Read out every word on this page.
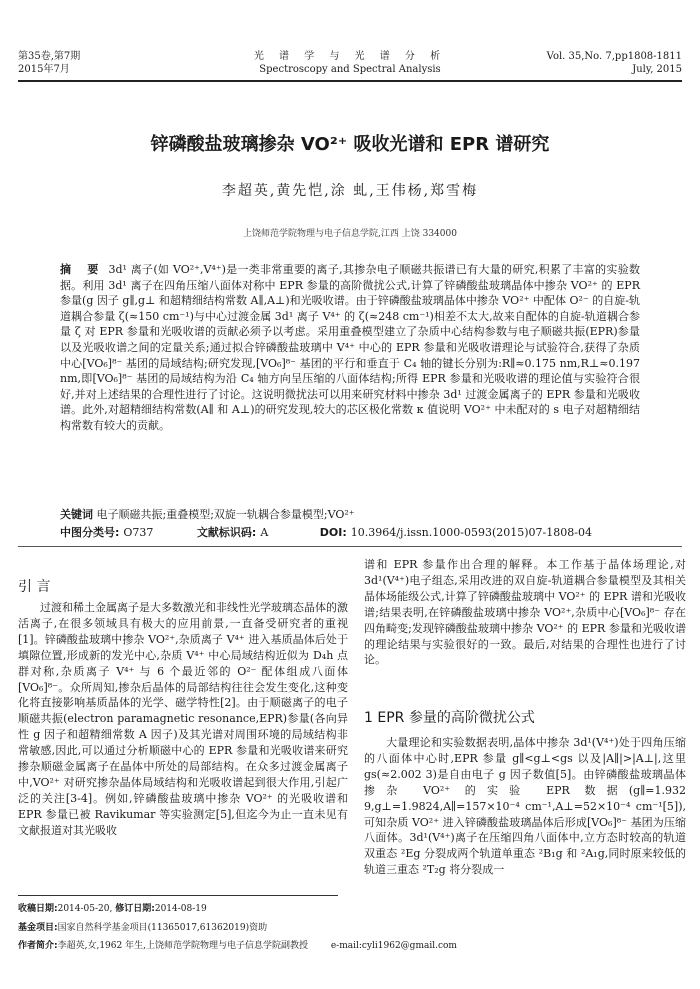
第35卷,第7期
2015年7月
光 谱 学 与 光 谱 分 析
Spectroscopy and Spectral Analysis
Vol. 35,No. 7,pp1808-1811
July, 2015
锌磷酸盐玻璃掺杂 VO²⁺ 吸收光谱和 EPR 谱研究
李超英,黄先恺,涂 虬,王伟杨,郑雪梅
上饶师范学院物理与电子信息学院,江西 上饶 334000
摘 要 3d¹ 离子(如 VO²⁺,V⁴⁺)是一类非常重要的离子,其掺杂电子顺磁共振谱已有大量的研究,积累了丰富的实验数据。利用 3d¹ 离子在四角压缩八面体对称中 EPR 参量的高阶微扰公式,计算了锌磷酸盐玻璃晶体中掺杂 VO²⁺ 的 EPR 参量(g 因子 g∥,g⊥ 和超精细结构常数 A∥,A⊥)和光吸收谱。由于锌磷酸盐玻璃晶体中掺杂 VO²⁺ 中配体 O²⁻ 的自旋-轨道耦合参量 ζ(≈150 cm⁻¹)与中心过渡金属 3d¹ 离子 V⁴⁺ 的 ζ(≈248 cm⁻¹)相差不太大,故来自配体的自旋-轨道耦合参量 ζ 对 EPR 参量和光吸收谱的贡献必须予以考虑。采用重叠模型建立了杂质中心结构参数与电子顺磁共振(EPR)参量以及光吸收谱之间的定量关系;通过拟合锌磷酸盐玻璃中 V⁴⁺ 中心的 EPR 参量和光吸收谱理论与试验符合,获得了杂质中心[VO₆]⁸⁻ 基团的局域结构;研究发现,[VO₆]⁸⁻ 基团的平行和垂直于 C₄ 轴的键长分别为:R∥≈0.175 nm,R⊥≈0.197 nm,即[VO₆]⁸⁻ 基团的局域结构为沿 C₄ 轴方向呈压缩的八面体结构;所得 EPR 参量和光吸收谱的理论值与实验符合很好,并对上述结果的合理性进行了讨论。这说明微扰法可以用来研究材料中掺杂 3d¹ 过渡金属离子的 EPR 参量和光吸收谱。此外,对超精细结构常数(A∥ 和 A⊥)的研究发现,较大的芯区极化常数 κ 值说明 VO²⁺ 中未配对的 s 电子对超精细结构常数有较大的贡献。
关键词 电子顺磁共振;重叠模型;双旋一轨耦合参量模型;VO²⁺
中图分类号: O737	文献标识码: A	DOI: 10.3964/j.issn.1000-0593(2015)07-1808-04
引 言

过渡和稀土金属离子是大多数激光和非线性光学玻璃态晶体的激活离子,在很多领域具有极大的应用前景,一直备受研究者的重视[1]。锌磷酸盐玻璃中掺杂 VO²⁺,杂质离子 V⁴⁺ 进入基质晶体后处于填隙位置,形成新的发光中心,杂质 V⁴⁺ 中心局域结构近似为 D₄h 点群对称,杂质离子 V⁴⁺ 与 6 个最近邻的 O²⁻ 配体组成八面体[VO₆]⁸⁻。众所周知,掺杂后晶体的局部结构往往会发生变化,这种变化将直接影响基质晶体的光学、磁学特性[2]。由于顺磁离子的电子顺磁共振(electron paramagnetic resonance,EPR)参量(各向异性 g 因子和超精细常数 A 因子)及其光谱对周围环境的局域结构非常敏感,因此,可以通过分析顺磁中心的 EPR 参量和光吸收谱来研究掺杂顺磁金属离子在晶体中所处的局部结构。在众多过渡金属离子中,VO²⁺ 对研究掺杂晶体局域结构和光吸收谱起到很大作用,引起广泛的关注[3-4]。例如,锌磷酸盐玻璃中掺杂 VO²⁺ 的光吸收谱和 EPR 参量已被 Ravikumar 等实验测定[5],但迄今为止一直未见有文献报道对其光吸收

谱和 EPR 参量作出合理的解释。本工作基于晶体场理论,对 3d¹(V⁴⁺)电子组态,采用改进的双自旋-轨道耦合参量模型及其相关晶体场能级公式,计算了锌磷酸盐玻璃中 VO²⁺ 的 EPR 谱和光吸收谱;结果表明,在锌磷酸盐玻璃中掺杂 VO²⁺,杂质中心[VO₆]⁸⁻ 存在四角畸变;发现锌磷酸盐玻璃中掺杂 VO²⁺ 的 EPR 参量和光吸收谱的理论结果与实验很好的一致。最后,对结果的合理性也进行了讨论。

1 EPR 参量的高阶微扰公式

大量理论和实验数据表明,晶体中掺杂 3d¹(V⁴⁺)处于四角压缩的八面体中心时,EPR 参量 g∥<g⊥<gs 以及|A∥|>|A⊥|,这里 gs(≈2.002 3)是自由电子 g 因子数值[5]。由锌磷酸盐玻璃晶体掺杂 VO²⁺ 的实验 EPR 数据(g∥=1.932 9,g⊥=1.9824,A∥=157×10⁻⁴ cm⁻¹,A⊥=52×10⁻⁴ cm⁻¹[5]),可知杂质 VO²⁺ 进入锌磷酸盐玻璃晶体后形成[VO₆]⁸⁻ 基团为压缩八面体。3d¹(V⁴⁺)离子在压缩四角八面体中,立方态时较高的轨道双重态 ²Eg 分裂成两个轨道单重态 ²B₁g 和 ²A₁g,同时原来较低的轨道三重态 ²T₂g 将分裂成一

收稿日期:2014-05-20, 修订日期:2014-08-19
基金项目:国家自然科学基金项目(11365017,61362019)资助
作者简介:李超英,女,1962 年生,上饶师范学院物理与电子信息学院副教授	e-mail:cyli1962@gmail.com
